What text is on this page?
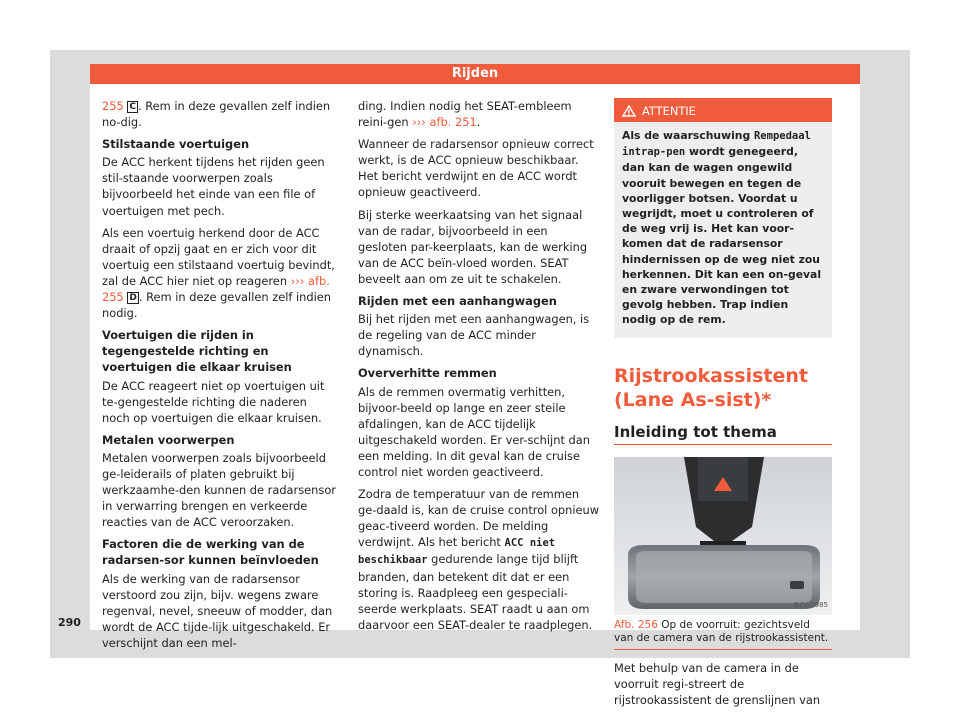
Rijden

255 C . Rem in deze gevallen zelf indien no-dig.

Stilstaande voertuigen

De ACC herkent tijdens het rijden geen stil-staande voorwerpen zoals bijvoorbeeld het einde van een file of voertuigen met pech.

Als een voertuig herkend door de ACC draait of opzij gaat en er zich voor dit voertuig een stilstaand voertuig bevindt, zal de ACC hier niet op reageren ››› afb. 255 D . Rem in deze gevallen zelf indien nodig.

Voertuigen die rijden in tegengestelde richting en voertuigen die elkaar kruisen

De ACC reageert niet op voertuigen uit te-gengestelde richting die naderen noch op voertuigen die elkaar kruisen.

Metalen voorwerpen

Metalen voorwerpen zoals bijvoorbeeld ge-leiderails of platen gebruikt bij werkzaamhe-den kunnen de radarsensor in verwarring brengen en verkeerde reacties van de ACC veroorzaken.

Factoren die de werking van de radarsen-sor kunnen beïnvloeden

Als de werking van de radarsensor verstoord zou zijn, bijv. wegens zware regenval, nevel, sneeuw of modder, dan wordt de ACC tijde-lijk uitgeschakeld. Er verschijnt dan een mel-

ding. Indien nodig het SEAT-embleem reini-gen ››› afb. 251.

Wanneer de radarsensor opnieuw correct werkt, is de ACC opnieuw beschikbaar. Het bericht verdwijnt en de ACC wordt opnieuw geactiveerd.

Bij sterke weerkaatsing van het signaal van de radar, bijvoorbeeld in een gesloten par-keerplaats, kan de werking van de ACC beïn-vloed worden. SEAT beveelt aan om ze uit te schakelen.

Rijden met een aanhangwagen

Bij het rijden met een aanhangwagen, is de regeling van de ACC minder dynamisch.

Oververhitte remmen

Als de remmen overmatig verhitten, bijvoor-beeld op lange en zeer steile afdalingen, kan de ACC tijdelijk uitgeschakeld worden. Er ver-schijnt dan een melding. In dit geval kan de cruise control niet worden geactiveerd.

Zodra de temperatuur van de remmen ge-daald is, kan de cruise control opnieuw geac-tiveerd worden. De melding verdwijnt. Als het bericht ACC niet beschikbaar gedurende lange tijd blijft branden, dan betekent dit dat er een storing is. Raadpleeg een gespeciali-seerde werkplaats. SEAT raadt u aan om daarvoor een SEAT-dealer te raadplegen.

ATTENTIE
Als de waarschuwing Rempedaal intrap-pen wordt genegeerd, dan kan de wagen ongewild vooruit bewegen en tegen de voorligger botsen. Voordat u wegrijdt, moet u controleren of de weg vrij is. Het kan voor-komen dat de radarsensor hindernissen op de weg niet zou herkennen. Dit kan een on-geval en zware verwondingen tot gevolg hebben. Trap indien nodig op de rem.
Rijstrookassistent (Lane As-sist)*
Inleiding tot thema
B7V-0985
Afb. 256 Op de voorruit: gezichtsveld van de camera van de rijstrookassistent.

Met behulp van de camera in de voorruit regi-streert de rijstrookassistent de grenslijnen van

290
